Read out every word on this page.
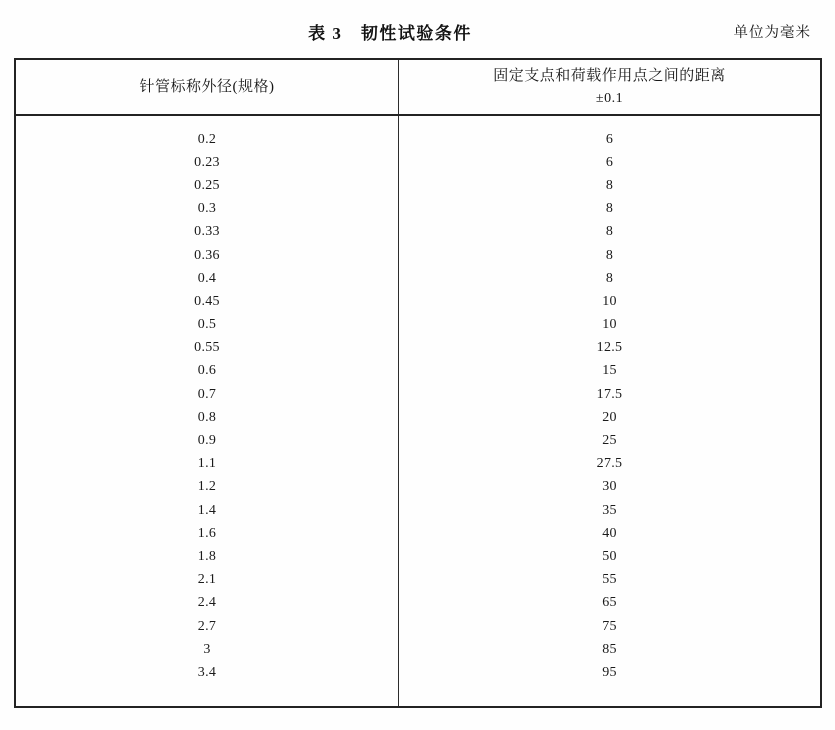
表 3　韧性试验条件	单位为毫米
针管标称外径(规格)
固定支点和荷载作用点之间的距离
±0.1
0.2
0.23
0.25
0.3
0.33
0.36
0.4
0.45
0.5
0.55
0.6
0.7
0.8
0.9
1.1
1.2
1.4
1.6
1.8
2.1
2.4
2.7
3
3.4
6
6
8
8
8
8
8
10
10
12.5
15
17.5
20
25
27.5
30
35
40
50
55
65
75
85
95
